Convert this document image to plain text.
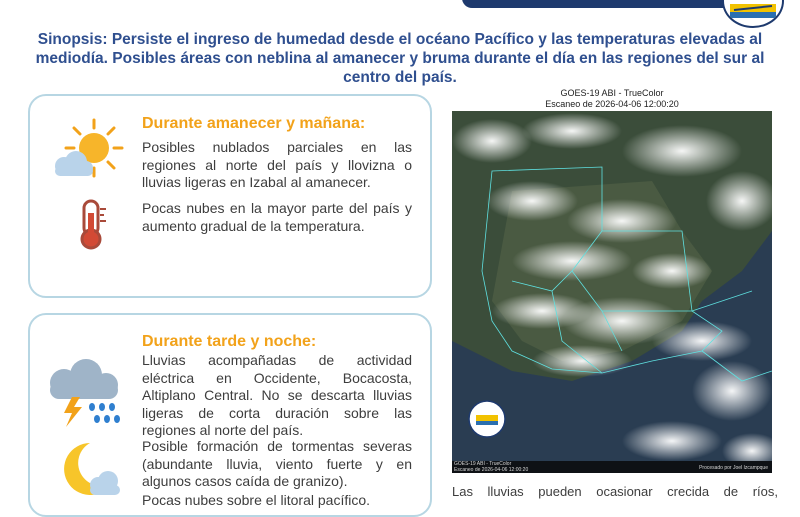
Sinopsis: Persiste el ingreso de humedad desde el océano Pacífico y las temperaturas elevadas al mediodía. Posibles áreas con neblina al amanecer y bruma durante el día en las regiones del sur al centro del país.
Durante amanecer y mañana:
Posibles nublados parciales en las regiones al norte del país y llovizna o lluvias ligeras en Izabal al amanecer.
Pocas nubes en la mayor parte del país y aumento gradual de la temperatura.
Durante tarde y noche:
Lluvias acompañadas de actividad eléctrica en Occidente, Bocacosta, Altiplano Central. No se descarta lluvias ligeras de corta duración sobre las regiones al norte del país.
Posible formación de tormentas severas (abundante lluvia, viento fuerte y en algunos casos caída de granizo).
Pocas nubes sobre el litoral pacífico.
GOES-19 ABI - TrueColor
Escaneo de 2026-04-06 12:00:20
GOES-19 ABI - TrueColor
Escaneo de 2026-04-06 12:00:20	Procesado por Joel Izcampque
Las lluvias pueden ocasionar crecida de ríos,
